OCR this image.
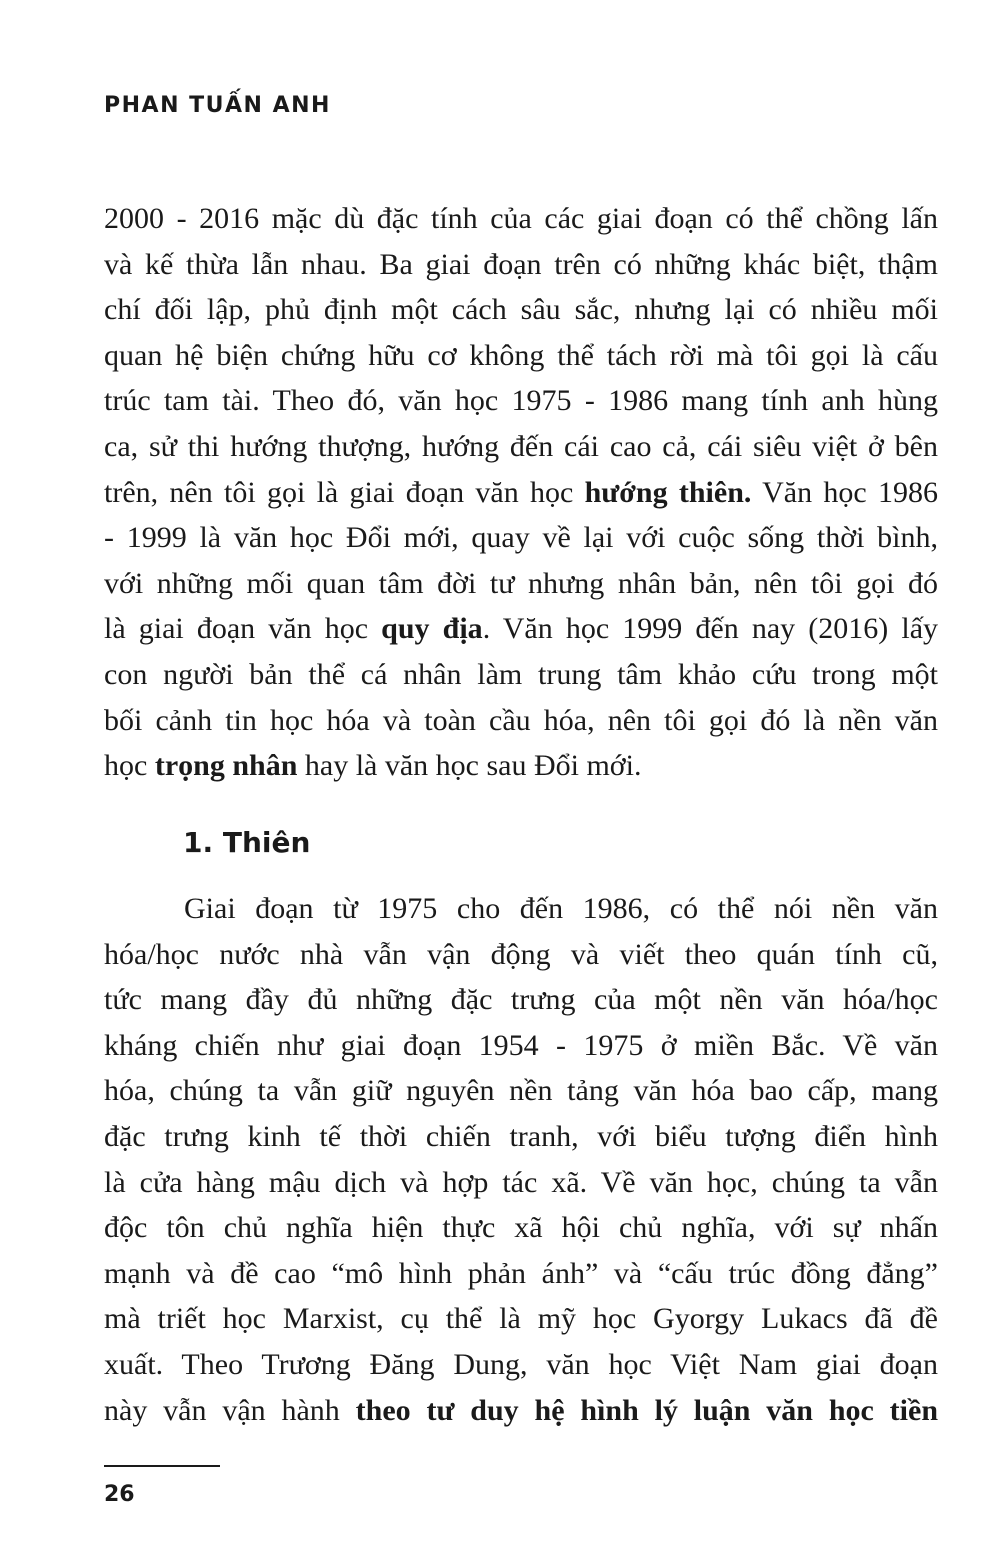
PHAN TUẤN ANH
2000 - 2016 mặc dù đặc tính của các giai đoạn có thể chồng lấn
và kế thừa lẫn nhau. Ba giai đoạn trên có những khác biệt, thậm
chí đối lập, phủ định một cách sâu sắc, nhưng lại có nhiều mối
quan hệ biện chứng hữu cơ không thể tách rời mà tôi gọi là cấu
trúc tam tài. Theo đó, văn học 1975 - 1986 mang tính anh hùng
ca, sử thi hướng thượng, hướng đến cái cao cả, cái siêu việt ở bên
trên, nên tôi gọi là giai đoạn văn học hướng thiên. Văn học 1986
- 1999 là văn học Đổi mới, quay về lại với cuộc sống thời bình,
với những mối quan tâm đời tư nhưng nhân bản, nên tôi gọi đó
là giai đoạn văn học quy địa. Văn học 1999 đến nay (2016) lấy
con người bản thể cá nhân làm trung tâm khảo cứu trong một
bối cảnh tin học hóa và toàn cầu hóa, nên tôi gọi đó là nền văn
học trọng nhân hay là văn học sau Đổi mới.
1. Thiên
Giai đoạn từ 1975 cho đến 1986, có thể nói nền văn
hóa/học nước nhà vẫn vận động và viết theo quán tính cũ,
tức mang đầy đủ những đặc trưng của một nền văn hóa/học
kháng chiến như giai đoạn 1954 - 1975 ở miền Bắc. Về văn
hóa, chúng ta vẫn giữ nguyên nền tảng văn hóa bao cấp, mang
đặc trưng kinh tế thời chiến tranh, với biểu tượng điển hình
là cửa hàng mậu dịch và hợp tác xã. Về văn học, chúng ta vẫn
độc tôn chủ nghĩa hiện thực xã hội chủ nghĩa, với sự nhấn
mạnh và đề cao “mô hình phản ánh” và “cấu trúc đồng đẳng”
mà triết học Marxist, cụ thể là mỹ học Gyorgy Lukacs đã đề
xuất. Theo Trương Đăng Dung, văn học Việt Nam giai đoạn
này vẫn vận hành theo tư duy hệ hình lý luận văn học tiền
26
